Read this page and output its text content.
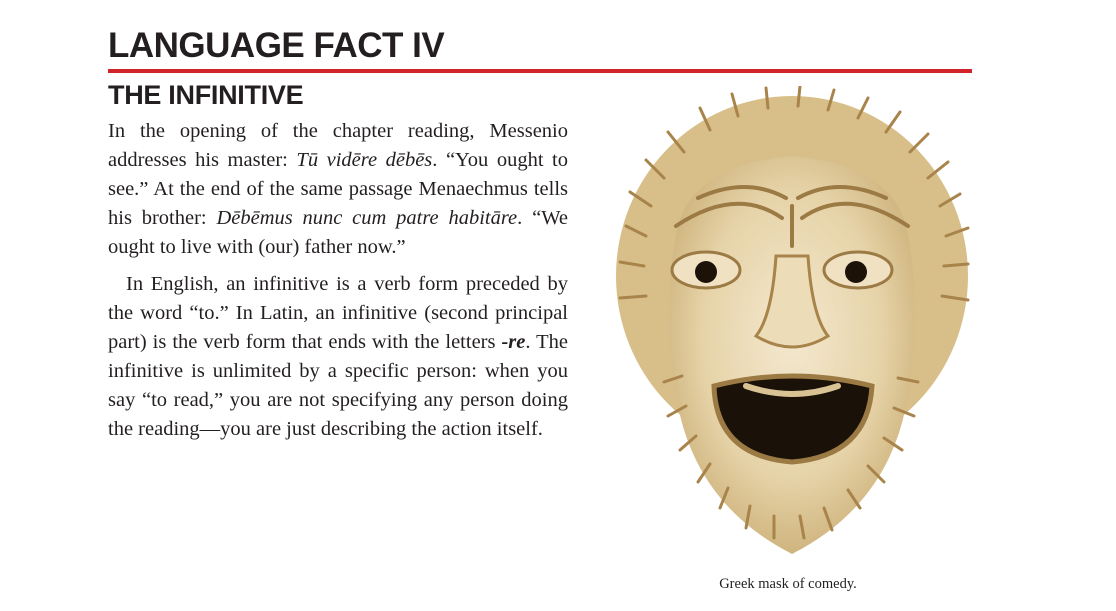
LANGUAGE FACT IV
THE INFINITIVE

In the opening of the chapter reading, Messenio addresses his master: Tū vidēre dēbēs. “You ought to see.” At the end of the same passage Menaechmus tells his brother: Dēbēmus nunc cum patre habitāre. “We ought to live with (our) father now.”

In English, an infinitive is a verb form preceded by the word “to.” In Latin, an infinitive (second principal part) is the verb form that ends with the letters -re. The infinitive is unlimited by a specific person: when you say “to read,” you are not specifying any person doing the reading—you are just describing the action itself.

Greek mask of comedy.
